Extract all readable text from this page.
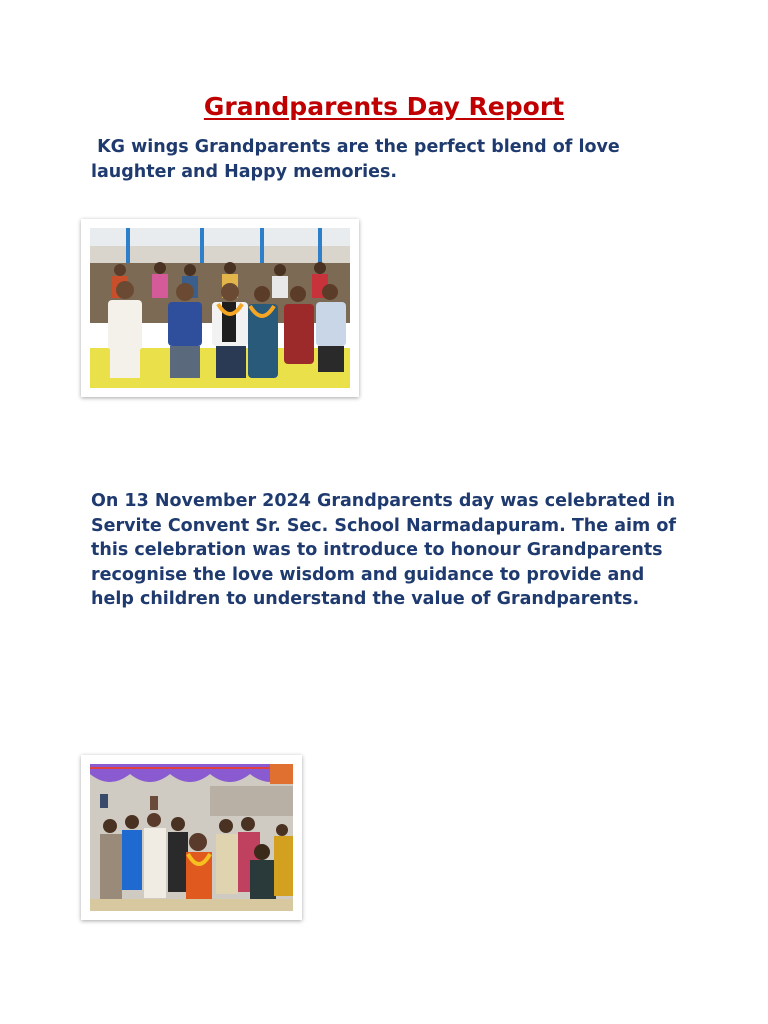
Grandparents Day Report

KG wings Grandparents are the perfect blend of love laughter and Happy memories.

On 13 November 2024 Grandparents day was celebrated in Servite Convent Sr. Sec. School Narmadapuram. The aim of this celebration was to introduce to honour Grandparents recognise the love wisdom and guidance to provide and help children to understand the value of Grandparents.
